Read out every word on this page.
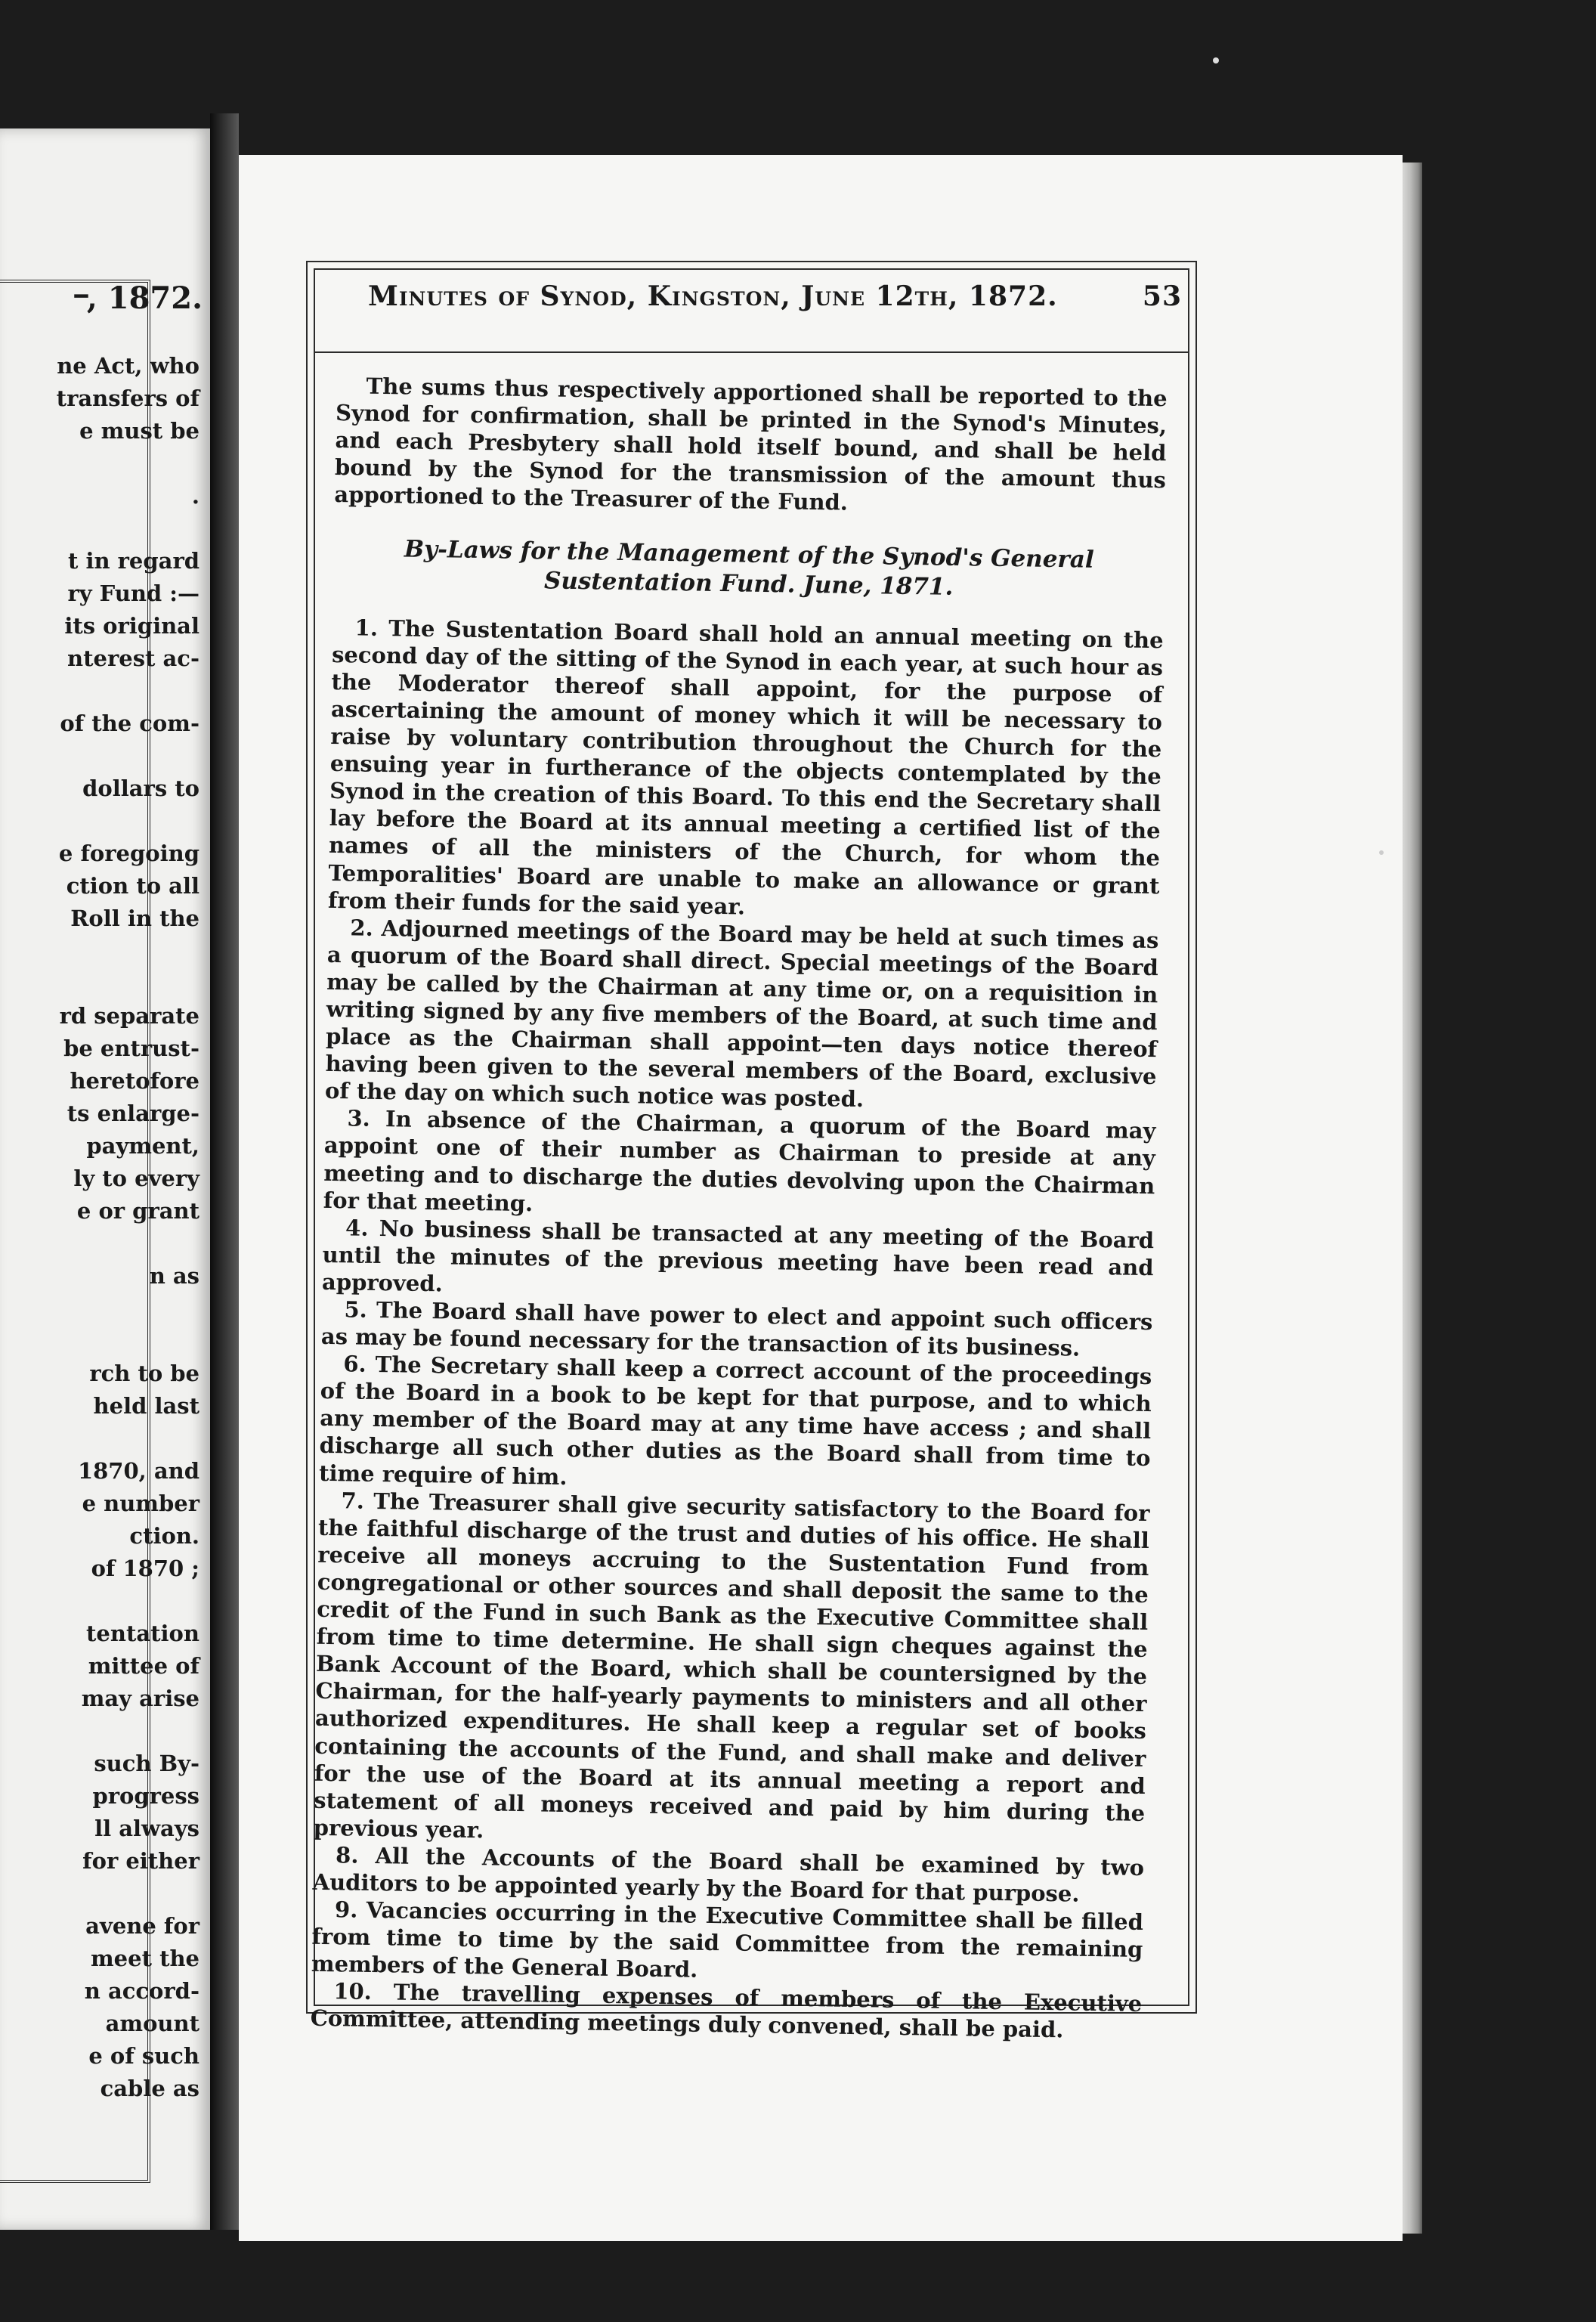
᠆, 1872.
ne Act, who
transfers of
e must be
.
t in regard
ry Fund :—
its original
nterest ac-
of the com-
dollars to
e foregoing
ction to all
Roll in the
rd separate
be entrust-
heretofore
ts enlarge-
payment,
ly to every
e or grant
n as
rch to be
held last
1870, and
e number
ction.
of 1870 ;
tentation
mittee of
may arise
such By-
progress
ll always
for either
avene for
meet the
n accord-
amount
e of such
cable as
Minutes of Synod, Kingston, June 12th, 1872.	53

The sums thus respectively apportioned shall be reported to the Synod for confirmation, shall be printed in the Synod's Minutes, and each Presbytery shall hold itself bound, and shall be held bound by the Synod for the transmission of the amount thus apportioned to the Treasurer of the Fund.

By-Laws for the Management of the Synod's General Sustentation Fund. June, 1871.

1. The Sustentation Board shall hold an annual meeting on the second day of the sitting of the Synod in each year, at such hour as the Moderator thereof shall appoint, for the purpose of ascertaining the amount of money which it will be necessary to raise by voluntary contribution throughout the Church for the ensuing year in furtherance of the objects contemplated by the Synod in the creation of this Board. To this end the Secretary shall lay before the Board at its annual meeting a certified list of the names of all the ministers of the Church, for whom the Temporalities' Board are unable to make an allowance or grant from their funds for the said year.

2. Adjourned meetings of the Board may be held at such times as a quorum of the Board shall direct. Special meetings of the Board may be called by the Chairman at any time or, on a requisition in writing signed by any five members of the Board, at such time and place as the Chairman shall appoint—ten days notice thereof having been given to the several members of the Board, exclusive of the day on which such notice was posted.

3. In absence of the Chairman, a quorum of the Board may appoint one of their number as Chairman to preside at any meeting and to discharge the duties devolving upon the Chairman for that meeting.

4. No business shall be transacted at any meeting of the Board until the minutes of the previous meeting have been read and approved.

5. The Board shall have power to elect and appoint such officers as may be found necessary for the transaction of its business.

6. The Secretary shall keep a correct account of the proceedings of the Board in a book to be kept for that purpose, and to which any member of the Board may at any time have access ; and shall discharge all such other duties as the Board shall from time to time require of him.

7. The Treasurer shall give security satisfactory to the Board for the faithful discharge of the trust and duties of his office. He shall receive all moneys accruing to the Sustentation Fund from congregational or other sources and shall deposit the same to the credit of the Fund in such Bank as the Executive Committee shall from time to time determine. He shall sign cheques against the Bank Account of the Board, which shall be countersigned by the Chairman, for the half-yearly payments to ministers and all other authorized expenditures. He shall keep a regular set of books containing the accounts of the Fund, and shall make and deliver for the use of the Board at its annual meeting a report and statement of all moneys received and paid by him during the previous year.

8. All the Accounts of the Board shall be examined by two Auditors to be appointed yearly by the Board for that purpose.

9. Vacancies occurring in the Executive Committee shall be filled from time to time by the said Committee from the remaining members of the General Board.

10. The travelling expenses of members of the Executive Committee, attending meetings duly convened, shall be paid.
